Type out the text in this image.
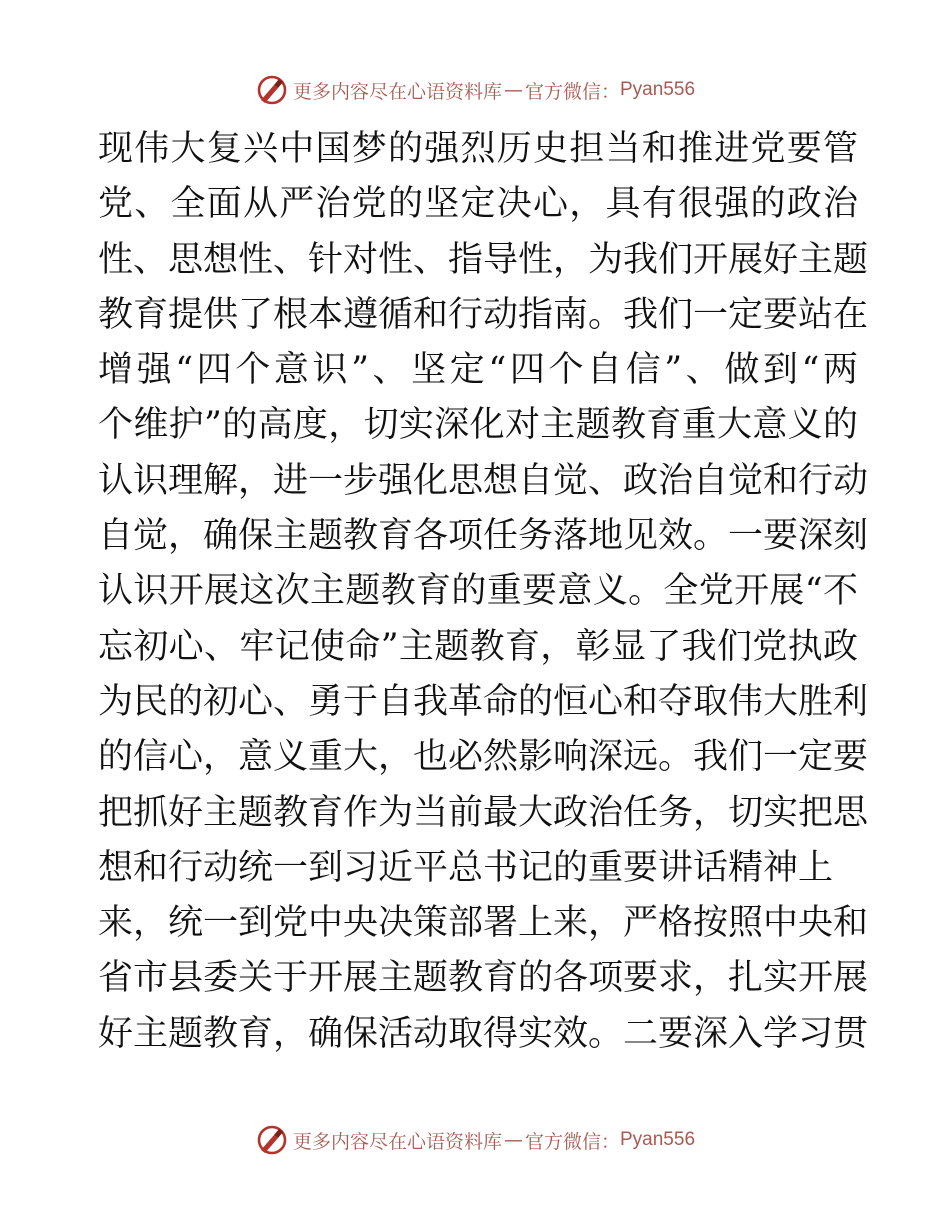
更多内容尽在心语资料库 — 官方微信： Pyan556
现伟大复兴中国梦的强烈历史担当和推进党要管
党、全面从严治党的坚定决心，具有很强的政治
性、思想性、针对性、指导性，为我们开展好主题
教育提供了根本遵循和行动指南。我们一定要站在
增强“四个意识”、坚定“四个自信”、做到“两
个维护”的高度，切实深化对主题教育重大意义的
认识理解，进一步强化思想自觉、政治自觉和行动
自觉，确保主题教育各项任务落地见效。一要深刻
认识开展这次主题教育的重要意义。全党开展“不
忘初心、牢记使命”主题教育，彰显了我们党执政
为民的初心、勇于自我革命的恒心和夺取伟大胜利
的信心，意义重大，也必然影响深远。我们一定要
把抓好主题教育作为当前最大政治任务，切实把思
想和行动统一到习近平总书记的重要讲话精神上
来，统一到党中央决策部署上来，严格按照中央和
省市县委关于开展主题教育的各项要求，扎实开展
好主题教育，确保活动取得实效。二要深入学习贯
更多内容尽在心语资料库 — 官方微信： Pyan556
